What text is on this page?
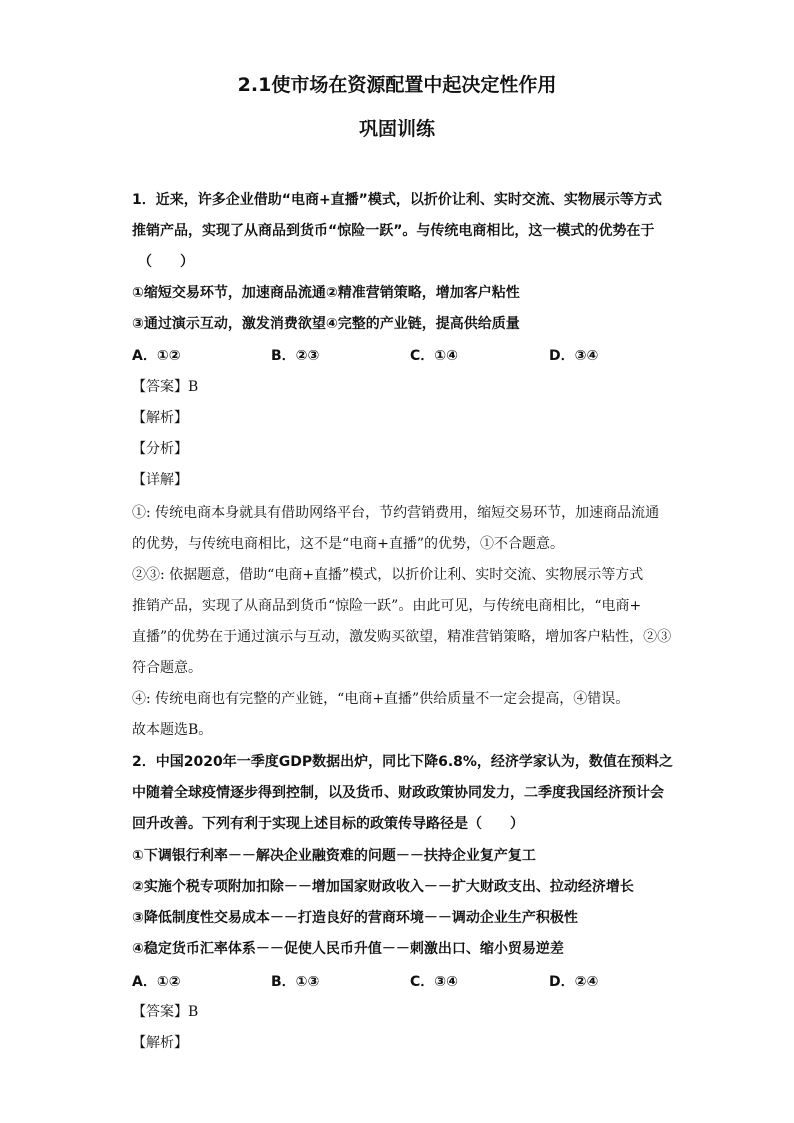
2.1使市场在资源配置中起决定性作用
巩固训练
1．近来，许多企业借助“电商+直播”模式，以折价让利、实时交流、实物展示等方式
推销产品，实现了从商品到货币“惊险一跃”。与传统电商相比，这一模式的优势在于
（　　）
①缩短交易环节，加速商品流通②精准营销策略，增加客户粘性
③通过演示互动，激发消费欲望④完整的产业链，提高供给质量
A．①②	B．②③	C．①④	D．③④
【答案】B
【解析】
【分析】
【详解】
①: 传统电商本身就具有借助网络平台，节约营销费用，缩短交易环节，加速商品流通
的优势，与传统电商相比，这不是“电商+直播”的优势，①不合题意。
②③: 依据题意，借助“电商+直播”模式，以折价让利、实时交流、实物展示等方式
推销产品，实现了从商品到货币“惊险一跃”。由此可见，与传统电商相比，“电商+
直播”的优势在于通过演示与互动，激发购买欲望，精准营销策略，增加客户粘性，②③
符合题意。
④: 传统电商也有完整的产业链，“电商+直播”供给质量不一定会提高，④错误。
故本题选B。
2．中国2020年一季度GDP数据出炉，同比下降6.8%，经济学家认为，数值在预料之
中随着全球疫情逐步得到控制，以及货币、财政政策协同发力，二季度我国经济预计会
回升改善。下列有利于实现上述目标的政策传导路径是（　　）
①下调银行利率－－解决企业融资难的问题－－扶持企业复产复工
②实施个税专项附加扣除－－增加国家财政收入－－扩大财政支出、拉动经济增长
③降低制度性交易成本－－打造良好的营商环境－－调动企业生产积极性
④稳定货币汇率体系－－促使人民币升值－－刺激出口、缩小贸易逆差
A．①②	B．①③	C．③④	D．②④
【答案】B
【解析】
